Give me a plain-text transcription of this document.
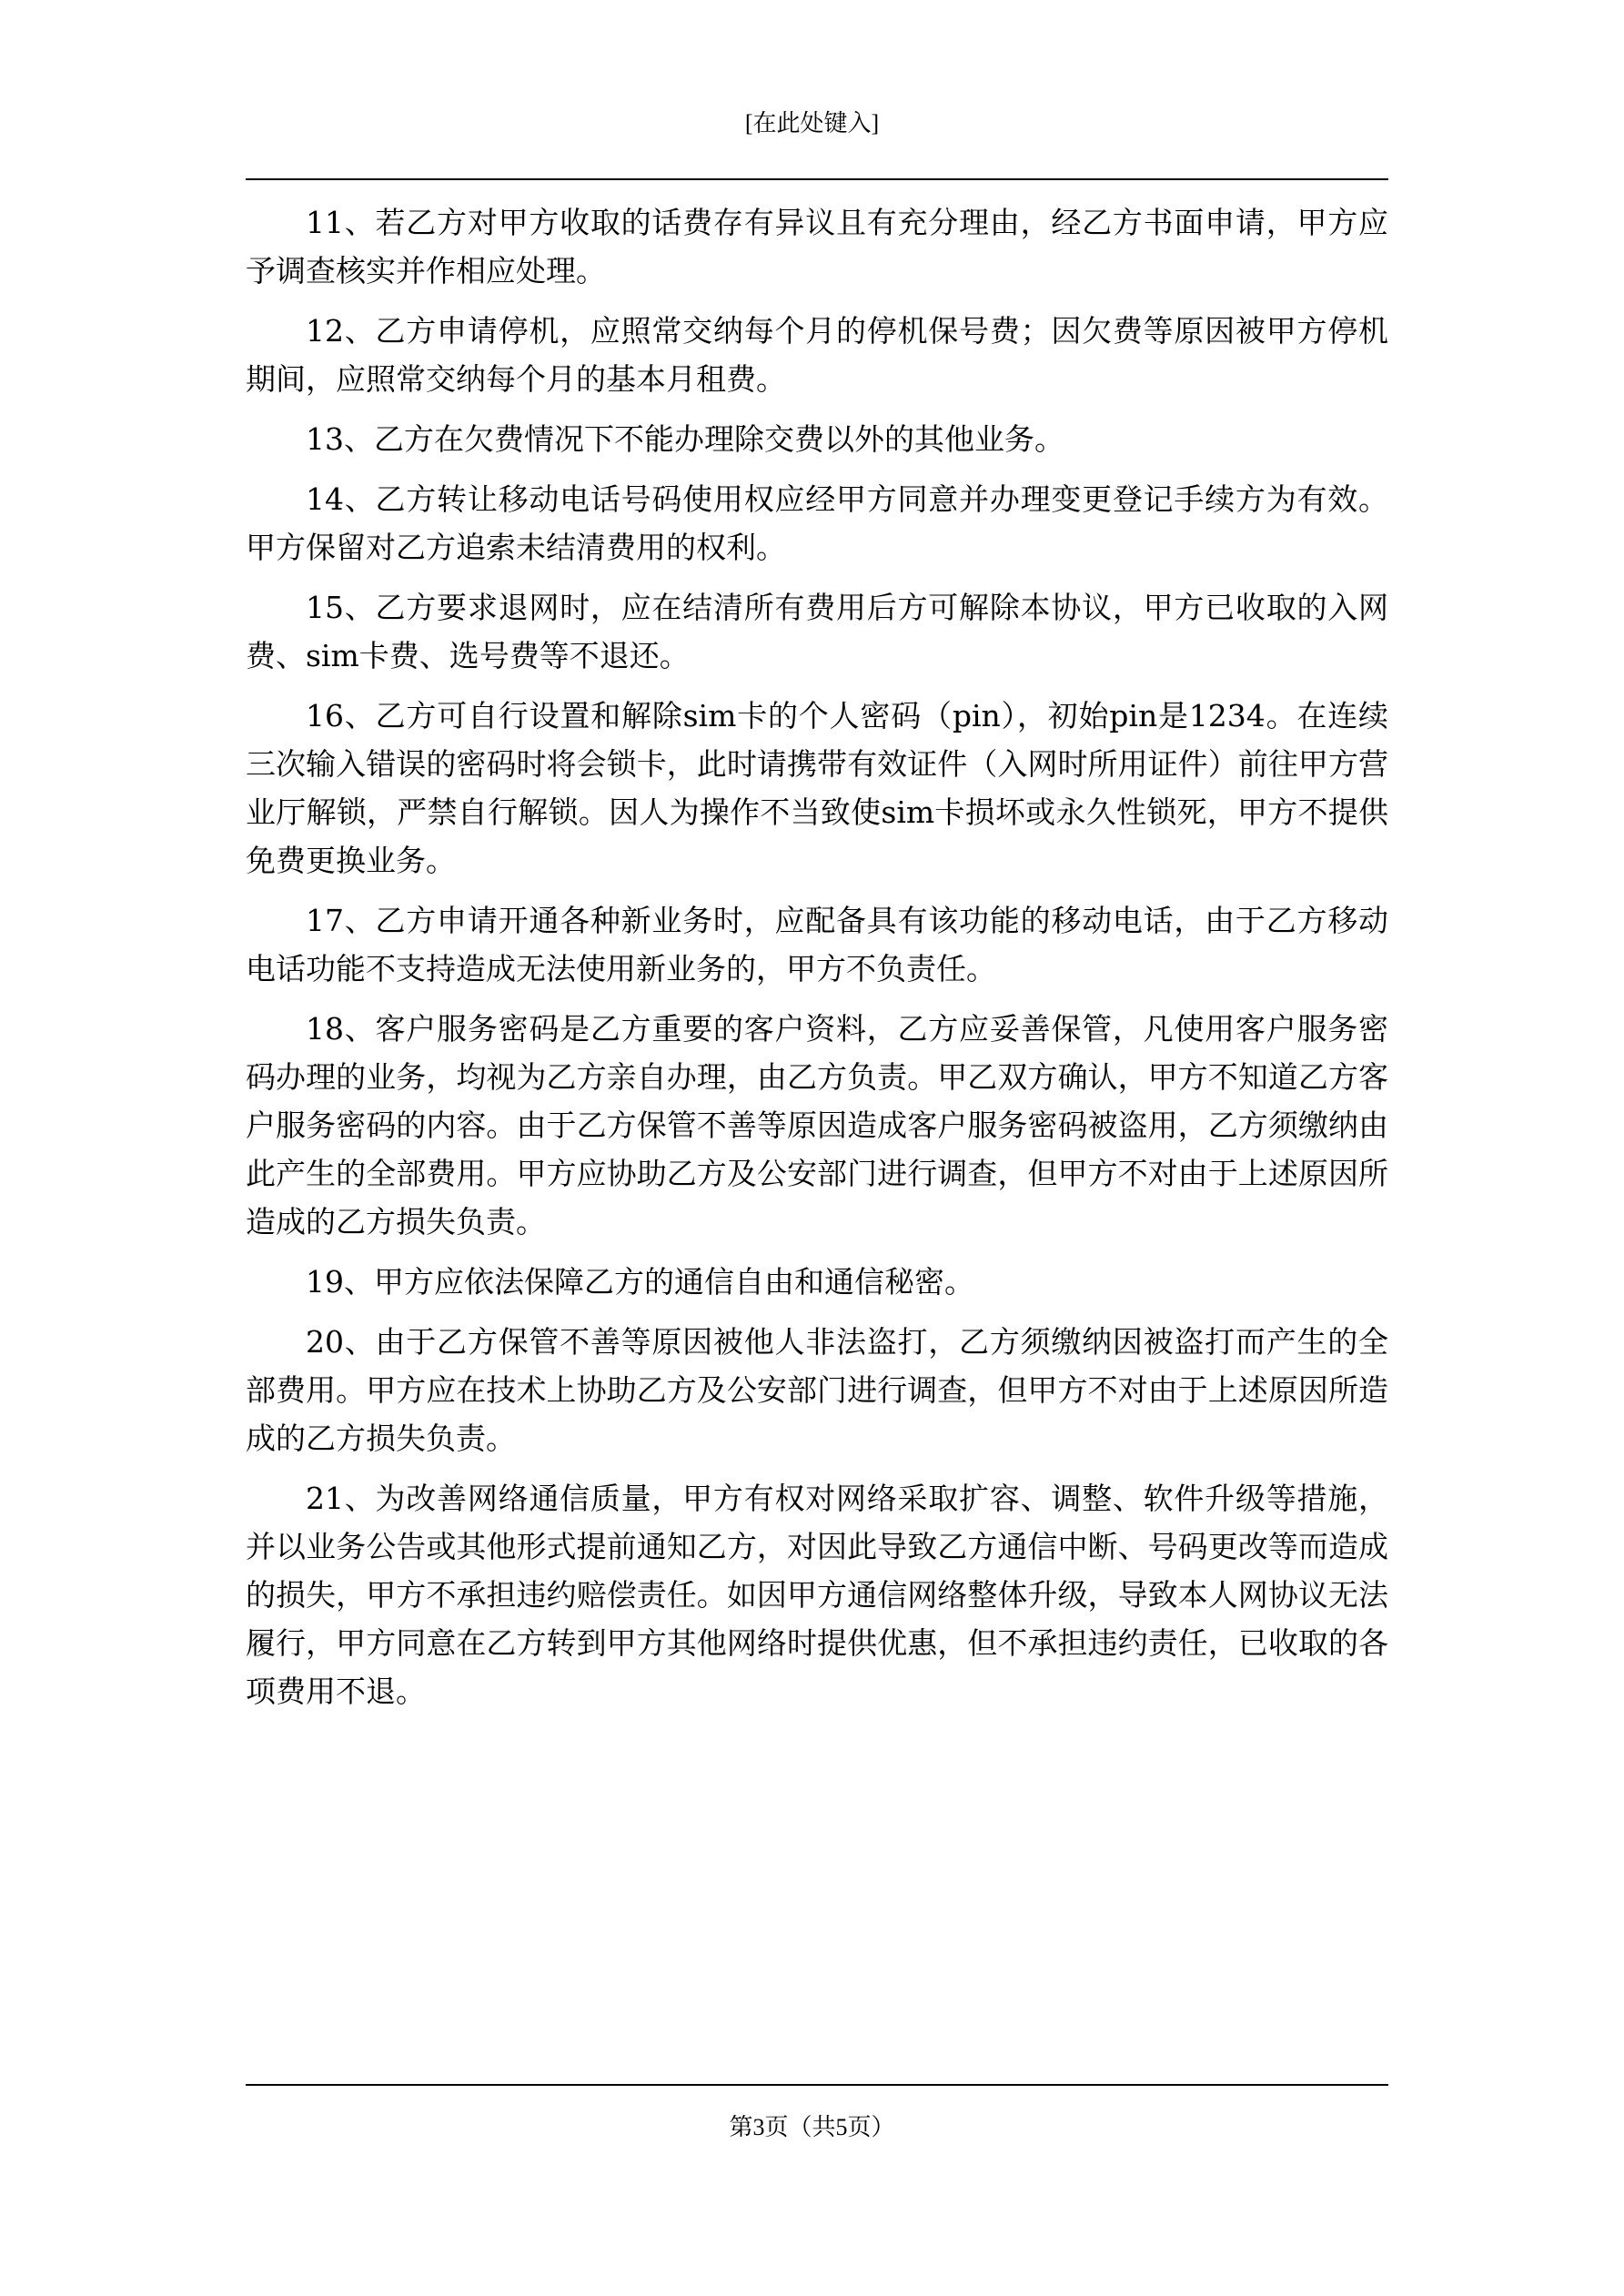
[在此处键入]

11、若乙方对甲方收取的话费存有异议且有充分理由，经乙方书面申请，甲方应予调查核实并作相应处理。

12、乙方申请停机，应照常交纳每个月的停机保号费；因欠费等原因被甲方停机期间，应照常交纳每个月的基本月租费。

13、乙方在欠费情况下不能办理除交费以外的其他业务。

14、乙方转让移动电话号码使用权应经甲方同意并办理变更登记手续方为有效。甲方保留对乙方追索未结清费用的权利。

15、乙方要求退网时，应在结清所有费用后方可解除本协议，甲方已收取的入网费、sim卡费、选号费等不退还。

16、乙方可自行设置和解除sim卡的个人密码（pin），初始pin是1234。在连续三次输入错误的密码时将会锁卡，此时请携带有效证件（入网时所用证件）前往甲方营业厅解锁，严禁自行解锁。因人为操作不当致使sim卡损坏或永久性锁死，甲方不提供免费更换业务。

17、乙方申请开通各种新业务时，应配备具有该功能的移动电话，由于乙方移动电话功能不支持造成无法使用新业务的，甲方不负责任。

18、客户服务密码是乙方重要的客户资料，乙方应妥善保管，凡使用客户服务密码办理的业务，均视为乙方亲自办理，由乙方负责。甲乙双方确认，甲方不知道乙方客户服务密码的内容。由于乙方保管不善等原因造成客户服务密码被盗用，乙方须缴纳由此产生的全部费用。甲方应协助乙方及公安部门进行调查，但甲方不对由于上述原因所造成的乙方损失负责。

19、甲方应依法保障乙方的通信自由和通信秘密。

20、由于乙方保管不善等原因被他人非法盗打，乙方须缴纳因被盗打而产生的全部费用。甲方应在技术上协助乙方及公安部门进行调查，但甲方不对由于上述原因所造成的乙方损失负责。

21、为改善网络通信质量，甲方有权对网络采取扩容、调整、软件升级等措施，并以业务公告或其他形式提前通知乙方，对因此导致乙方通信中断、号码更改等而造成的损失，甲方不承担违约赔偿责任。如因甲方通信网络整体升级，导致本人网协议无法履行，甲方同意在乙方转到甲方其他网络时提供优惠，但不承担违约责任，已收取的各项费用不退。

第3页（共5页）
